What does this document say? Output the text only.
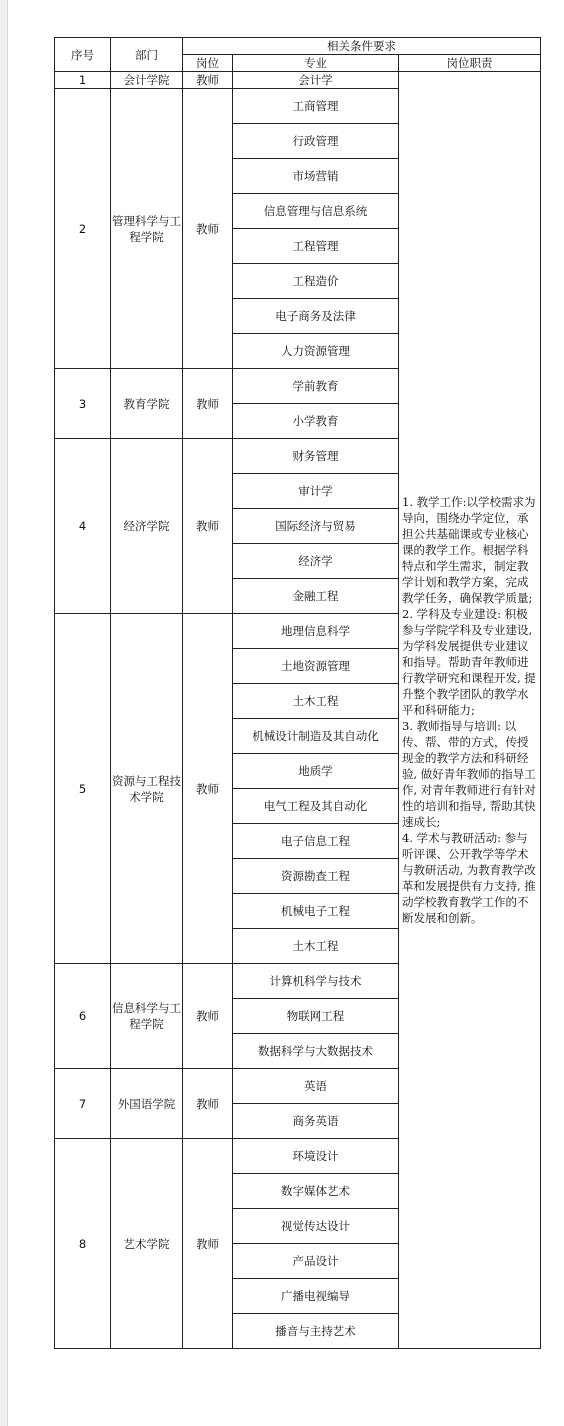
序号	部门	相关条件要求		
		岗位	专业	岗位职责
1	会计学院	教师	会计学	1. 教学工作:以学校需求为导向，围绕办学定位，承担公共基础课或专业核心课的教学工作。根据学科特点和学生需求，制定教学计划和教学方案，完成教学任务，确保教学质量;
2. 学科及专业建设: 积极参与学院学科及专业建设, 为学科发展提供专业建议和指导。帮助青年教师进行教学研究和课程开发, 提升整个教学团队的教学水平和科研能力;
3. 教师指导与培训: 以传、帮、带的方式，传授现金的教学方法和科研经验, 做好青年教师的指导工作, 对青年教师进行有针对性的培训和指导, 帮助其快速成长;
4. 学术与教研活动: 参与听评课、公开教学等学术与教研活动, 为教育教学改革和发展提供有力支持, 推动学校教育教学工作的不断发展和创新。

2	管理科学与工程学院	教师	工商管理	
			行政管理	
			市场营销	
			信息管理与信息系统	
			工程管理	
			工程造价	
			电子商务及法律	
			人力资源管理	
3	教育学院	教师	学前教育	
			小学教育	
4	经济学院	教师	财务管理	
			审计学	
			国际经济与贸易	
			经济学	
			金融工程	
5	资源与工程技术学院	教师	地理信息科学	
			土地资源管理	
			土木工程	
			机械设计制造及其自动化	
			地质学	
			电气工程及其自动化	
			电子信息工程	
			资源勘查工程	
			机械电子工程	
			土木工程	
6	信息科学与工程学院	教师	计算机科学与技术	
			物联网工程	
			数据科学与大数据技术	
7	外国语学院	教师	英语	
			商务英语	
8	艺术学院	教师	环境设计	
			数字媒体艺术	
			视觉传达设计	
			产品设计	
			广播电视编导	
			播音与主持艺术	
